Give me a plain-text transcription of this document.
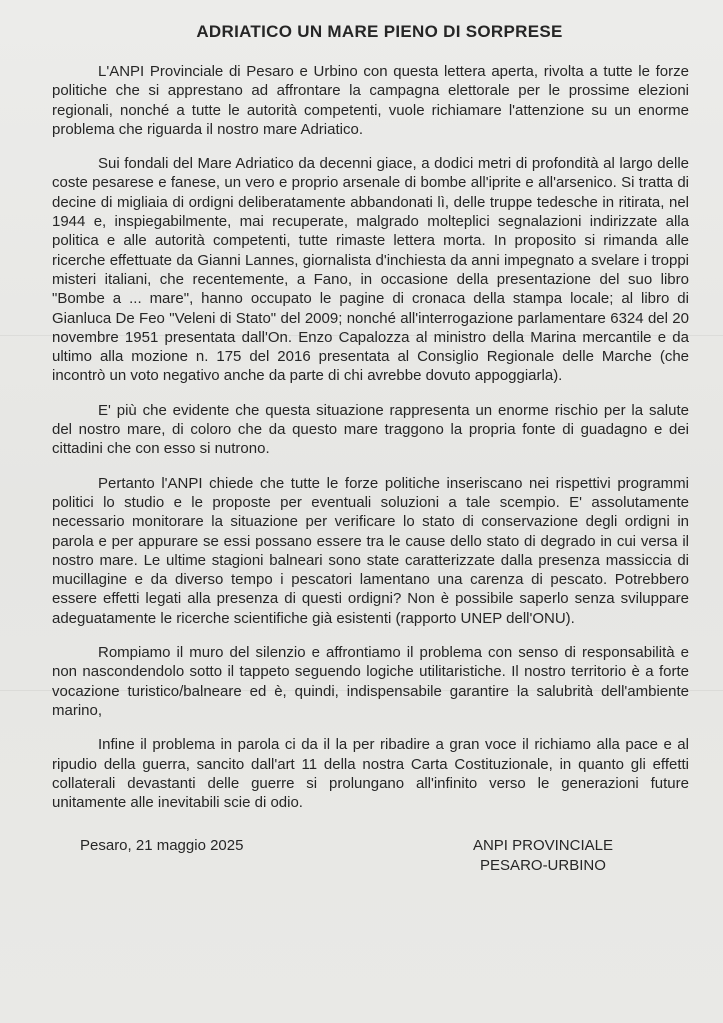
ADRIATICO UN MARE PIENO DI SORPRESE

L'ANPI Provinciale di Pesaro e Urbino con questa lettera aperta, rivolta a tutte le forze politiche che si apprestano ad affrontare la campagna elettorale per le prossime elezioni regionali, nonché a tutte le autorità competenti, vuole richiamare l'attenzione su un enorme problema che riguarda il nostro mare Adriatico.

Sui fondali del Mare Adriatico da decenni giace, a dodici metri di profondità al largo delle coste pesarese e fanese, un vero e proprio arsenale di bombe all'iprite e all'arsenico. Si tratta di decine di migliaia di ordigni deliberatamente abbandonati lì, delle truppe tedesche in ritirata, nel 1944 e, inspiegabilmente, mai recuperate, malgrado molteplici segnalazioni indirizzate alla politica e alle autorità competenti, tutte rimaste lettera morta. In proposito si rimanda alle ricerche effettuate da Gianni Lannes, giornalista d'inchiesta da anni impegnato a svelare i troppi misteri italiani, che recentemente, a Fano, in occasione della presentazione del suo libro "Bombe a ... mare", hanno occupato le pagine di cronaca della stampa locale; al libro di Gianluca De Feo "Veleni di Stato" del 2009; nonché all'interrogazione parlamentare 6324 del 20 novembre 1951 presentata dall'On. Enzo Capalozza al ministro della Marina mercantile e da ultimo alla mozione n. 175 del 2016 presentata al Consiglio Regionale delle Marche (che incontrò un voto negativo anche da parte di chi avrebbe dovuto appoggiarla).

E' più che evidente che questa situazione rappresenta un enorme rischio per la salute del nostro mare, di coloro che da questo mare traggono la propria fonte di guadagno e dei cittadini che con esso si nutrono.

Pertanto l'ANPI chiede che tutte le forze politiche inseriscano nei rispettivi programmi politici lo studio e le proposte per eventuali soluzioni a tale scempio. E' assolutamente necessario monitorare la situazione per verificare lo stato di conservazione degli ordigni in parola e per appurare se essi possano essere tra le cause dello stato di degrado in cui versa il nostro mare. Le ultime stagioni balneari sono state caratterizzate dalla presenza massiccia di mucillagine e da diverso tempo i pescatori lamentano una carenza di pescato. Potrebbero essere effetti legati alla presenza di questi ordigni? Non è possibile saperlo senza sviluppare adeguatamente le ricerche scientifiche già esistenti (rapporto UNEP dell'ONU).

Rompiamo il muro del silenzio e affrontiamo il problema con senso di responsabilità e non nascondendolo sotto il tappeto seguendo logiche utilitaristiche. Il nostro territorio è a forte vocazione turistico/balneare ed è, quindi, indispensabile garantire la salubrità dell'ambiente marino,

Infine il problema in parola ci da il la per ribadire a gran voce il richiamo alla pace e al ripudio della guerra, sancito dall'art 11 della nostra Carta Costituzionale, in quanto gli effetti collaterali devastanti delle guerre si prolungano all'infinito verso le generazioni future unitamente alle inevitabili scie di odio.

Pesaro, 21 maggio 2025	ANPI PROVINCIALE
PESARO-URBINO
